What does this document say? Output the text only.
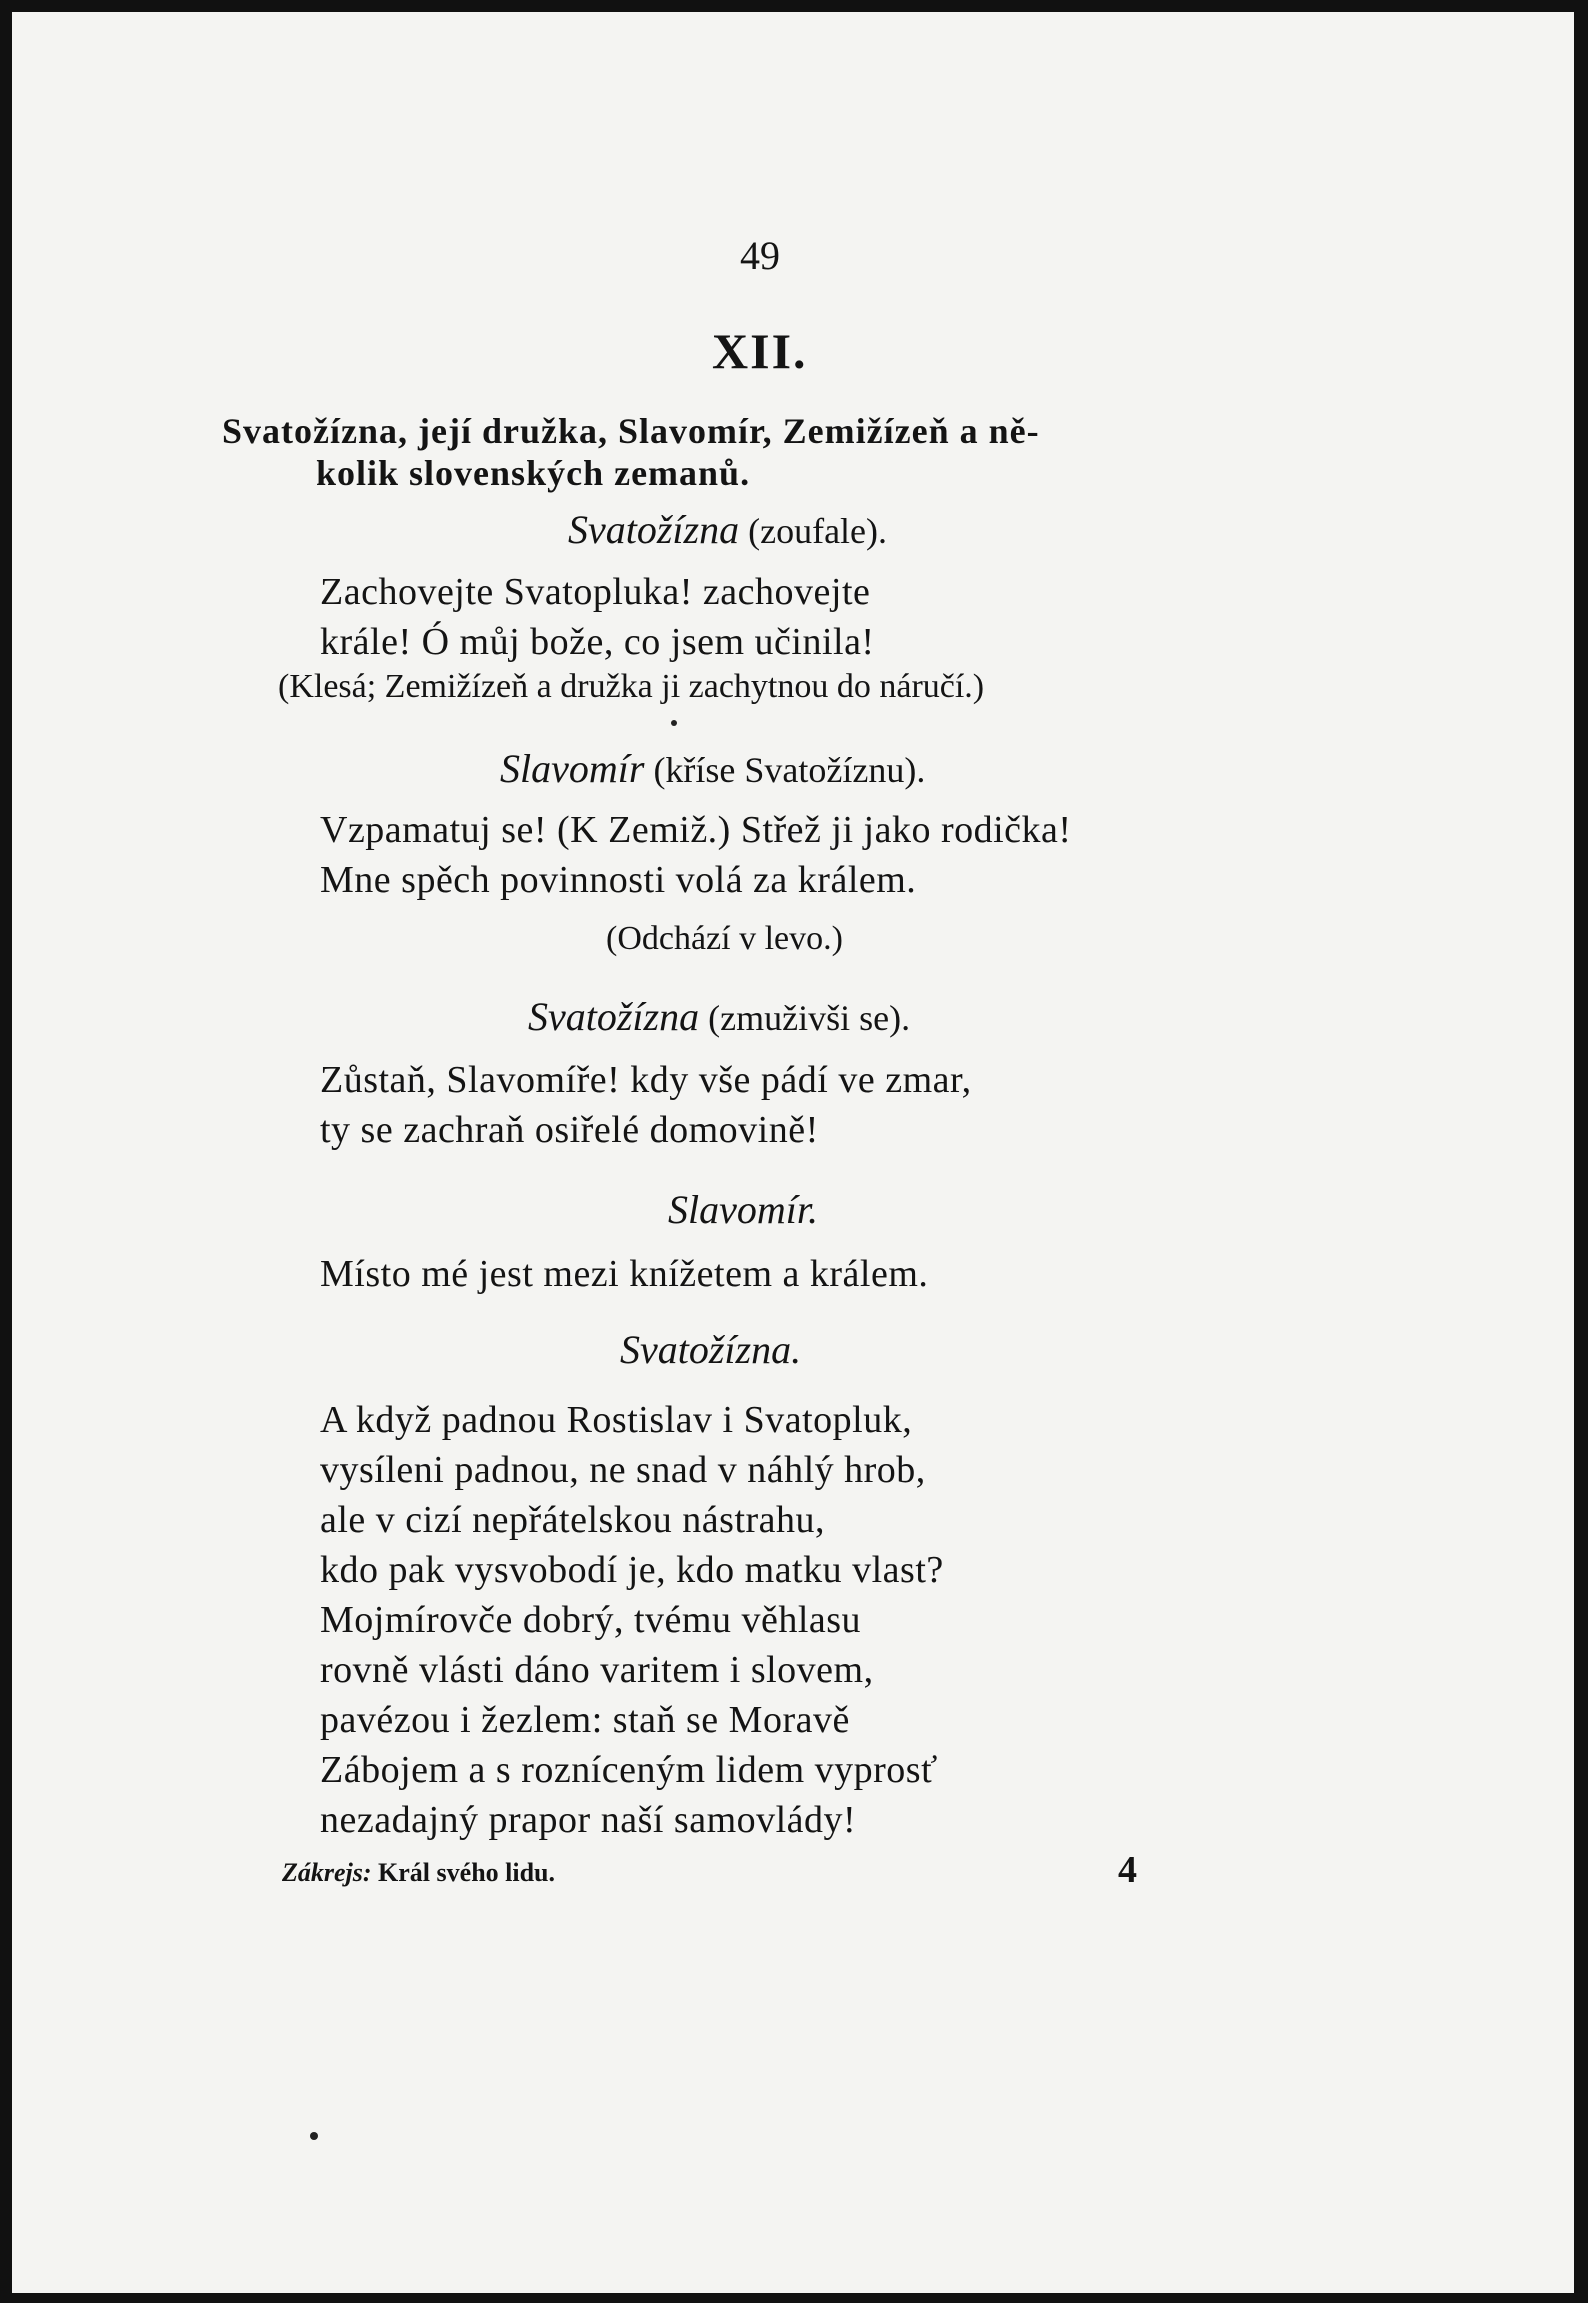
49
XII.
Svatožízna, její družka, Slavomír, Zemižízeň a ně-
kolik slovenských zemanů.
Svatožízna (zoufale).
Zachovejte Svatopluka! zachovejte
krále! Ó můj bože, co jsem učinila!
(Klesá; Zemižízeň a družka ji zachytnou do náručí.)
Slavomír (křísе Svatožíznu).
Vzpamatuj se! (K Zemiž.) Střež ji jako rodička!
Mne spěch povinnosti volá za králem.
(Odchází v levo.)
Svatožízna (zmuživši se).
Zůstaň, Slavomíře! kdy vše pádí ve zmar,
ty se zachraň osiřelé domovině!
Slavomír.
Místo mé jest mezi knížetem a králem.
Svatožízna.
A když padnou Rostislav i Svatopluk,
vysíleni padnou, ne snad v náhlý hrob,
ale v cizí nepřátelskou nástrahu,
kdo pak vysvobodí je, kdo matku vlast?
Mojmírovče dobrý, tvému věhlasu
rovně vlásti dáno varitem i slovem,
pavézou i žezlem: staň se Moravě
Zábojem a s rozníceným lidem vyprosť
nezadajný prapor naší samovlády!
Zákrejs: Král svého lidu.	4
